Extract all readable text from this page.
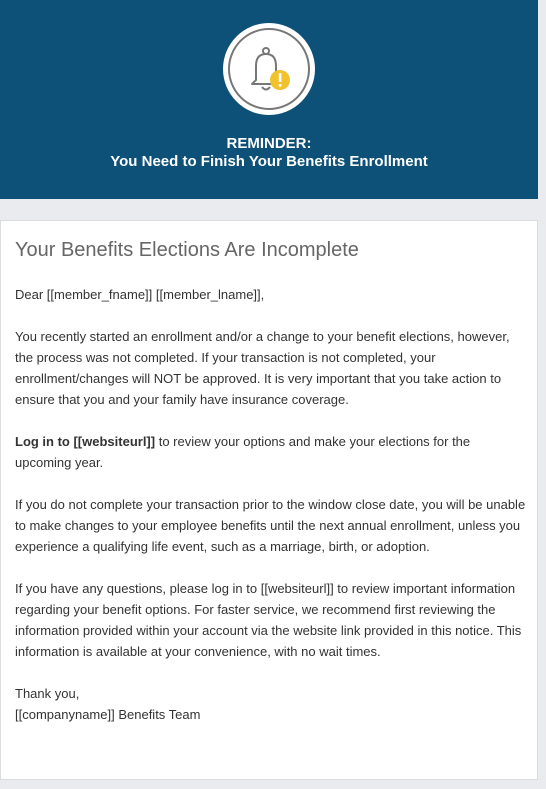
REMINDER:
You Need to Finish Your Benefits Enrollment
Your Benefits Elections Are Incomplete

Dear [[member_fname]] [[member_lname]],

You recently started an enrollment and/or a change to your benefit elections, however, the process was not completed. If your transaction is not completed, your enrollment/changes will NOT be approved. It is very important that you take action to ensure that you and your family have insurance coverage.

Log in to [[websiteurl]] to review your options and make your elections for the upcoming year.

If you do not complete your transaction prior to the window close date, you will be unable to make changes to your employee benefits until the next annual enrollment, unless you experience a qualifying life event, such as a marriage, birth, or adoption.

If you have any questions, please log in to [[websiteurl]] to review important information regarding your benefit options. For faster service, we recommend first reviewing the information provided within your account via the website link provided in this notice. This information is available at your convenience, with no wait times.

Thank you,
[[companyname]] Benefits Team
